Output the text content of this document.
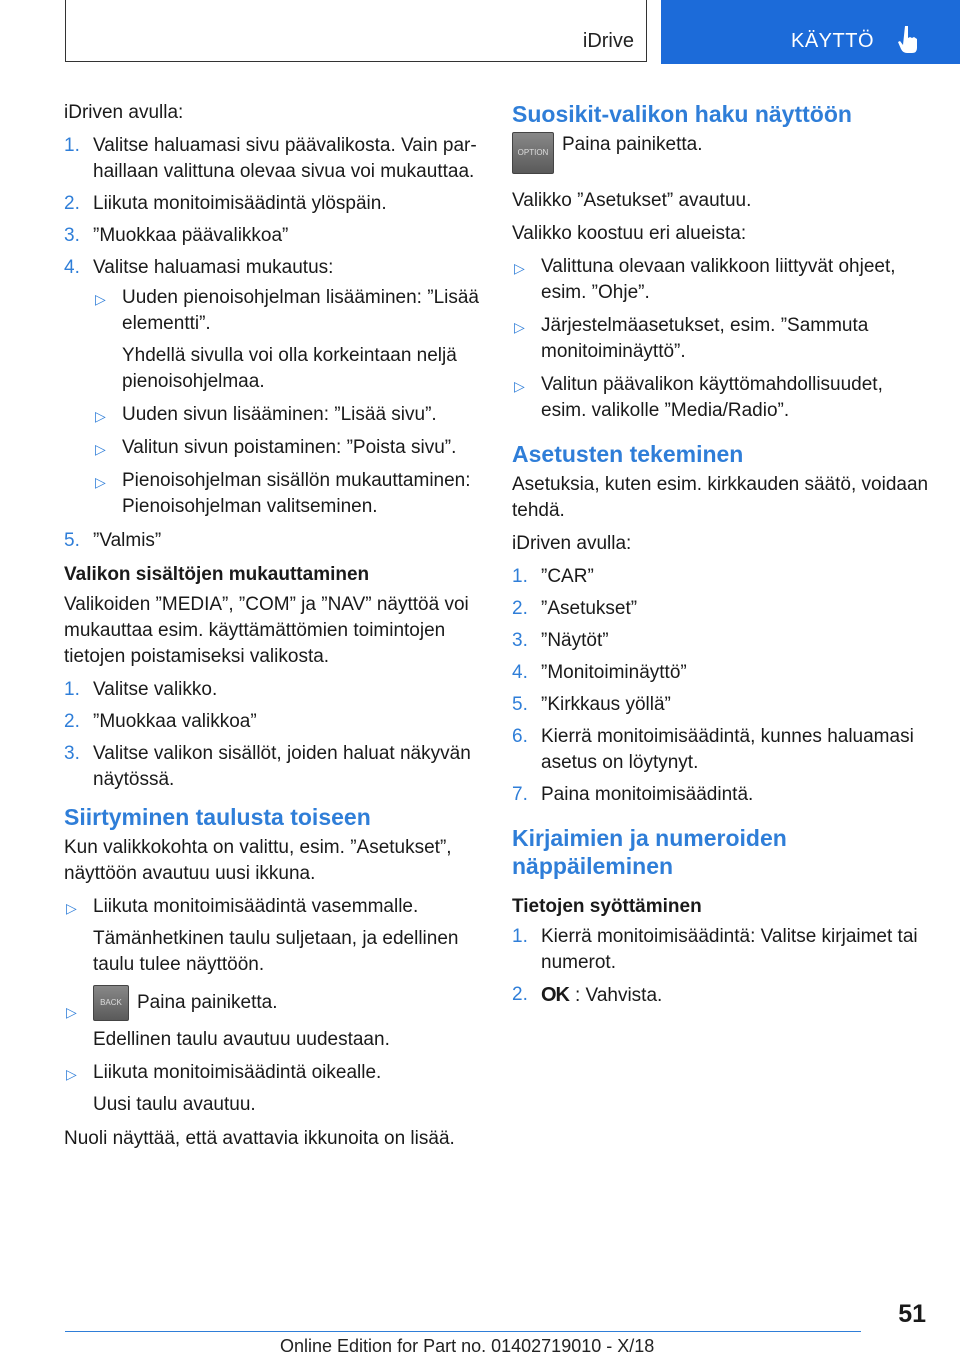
iDrive	KÄYTTÖ

iDriven avulla:

1. Valitse haluamasi sivu päävalikosta. Vain parhaillaan valittuna olevaa sivua voi mukauttaa.
2. Liikuta monitoimisäädintä ylöspäin.
3. ”Muokkaa päävalikkoa”
4. Valitse haluamasi mukautus:
▷ Uuden pienoisohjelman lisääminen: ”Lisää elementti”.
Yhdellä sivulla voi olla korkeintaan neljä pienoisohjelmaa.
▷ Uuden sivun lisääminen: ”Lisää sivu”.
▷ Valitun sivun poistaminen: ”Poista sivu”.
▷ Pienoisohjelman sisällön mukauttaminen: Pienoisohjelman valitseminen.
5. ”Valmis”
Valikon sisältöjen mukauttaminen

Valikoiden ”MEDIA”, ”COM” ja ”NAV” näyttöä voi mukauttaa esim. käyttämättömien toimintojen tietojen poistamiseksi valikosta.

1. Valitse valikko.
2. ”Muokkaa valikkoa”
3. Valitse valikon sisällöt, joiden haluat näkyvän näytössä.
Siirtyminen taulusta toiseen

Kun valikkokohta on valittu, esim. ”Asetukset”, näyttöön avautuu uusi ikkuna.

▷ Liikuta monitoimisäädintä vasemmalle.
Tämänhetkinen taulu suljetaan, ja edellinen taulu tulee näyttöön.
▷
BACK Paina painiketta.
Edellinen taulu avautuu uudestaan.
▷ Liikuta monitoimisäädintä oikealle.
Uusi taulu avautuu.

Nuoli näyttää, että avattavia ikkunoita on lisää.

Suosikit-valikon haku näyttöön

OPTION Paina painiketta.

Valikko ”Asetukset” avautuu.

Valikko koostuu eri alueista:

▷ Valittuna olevaan valikkoon liittyvät ohjeet, esim. ”Ohje”.
▷ Järjestelmäasetukset, esim. ”Sammuta monitoiminäyttö”.
▷ Valitun päävalikon käyttömahdollisuudet, esim. valikolle ”Media/Radio”.
Asetusten tekeminen

Asetuksia, kuten esim. kirkkauden säätö, voidaan tehdä.

iDriven avulla:

1. ”CAR”
2. ”Asetukset”
3. ”Näytöt”
4. ”Monitoiminäyttö”
5. ”Kirkkaus yöllä”
6. Kierrä monitoimisäädintä, kunnes haluamasi asetus on löytynyt.
7. Paina monitoimisäädintä.
Kirjaimien ja numeroiden näppäileminen
Tietojen syöttäminen
1. Kierrä monitoimisäädintä: Valitse kirjaimet tai numerot.
2. OK : Vahvista.
51
Online Edition for Part no. 01402719010 - X/18
